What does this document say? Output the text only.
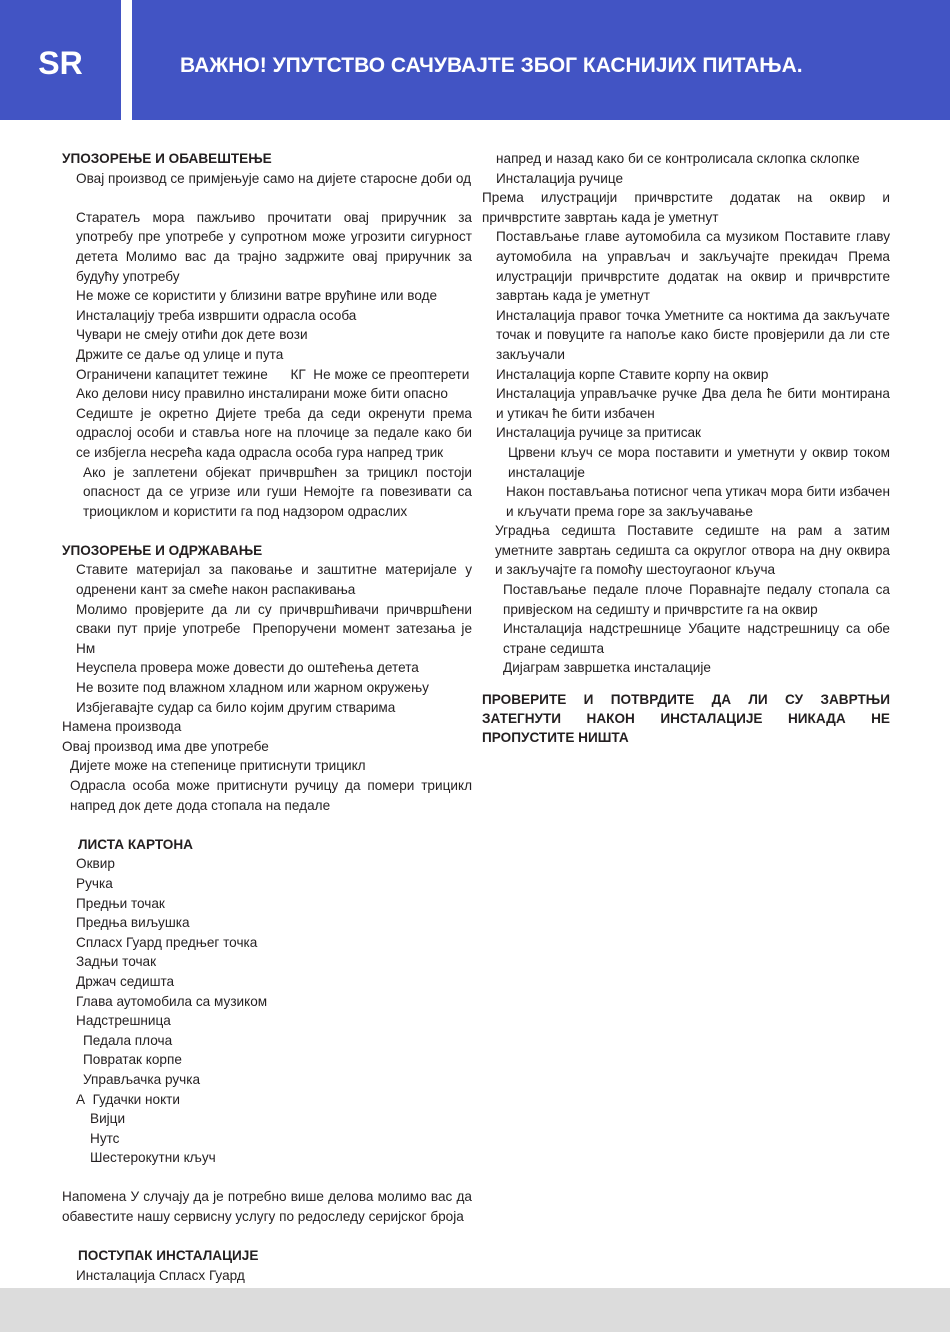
SR	ВАЖНО! УПУТСТВО САЧУВАЈТЕ ЗБОГ КАСНИЈИХ ПИТАЊА.

УПОЗОРЕЊЕ И ОБАВЕШТЕЊЕ

Овај производ се примјењује само на дијете старосне доби од

Старатељ мора пажљиво прочитати овај приручник за употребу пре употребе у супротном може угрозити сигурност детета Молимо вас да трајно задржите овај приручник за будућу употребу

Не може се користити у близини ватре врућине или воде

Инсталацију треба извршити одрасла особа

Чувари не смеју отићи док дете вози

Држите се даље од улице и пута

Ограничени капацитет тежине      КГ  Не може се преоптерети

Ако делови нису правилно инсталирани може бити опасно

Седиште је окретно Дијете треба да седи окренути према одраслој особи и ставља ноге на плочице за педале како би се избјегла несрећа када одрасла особа гура напред трик

Ако је заплетени објекат причвршћен за трицикл постоји опасност да се угризе или гуши Немојте га повезивати са триоциклом и користити га под надзором одраслих

УПОЗОРЕЊЕ И ОДРЖАВАЊЕ

Ставите материјал за паковање и заштитне материјале у одренени кант за смеће након распакивања

Молимо провјерите да ли су причвршћивачи причвршћени сваки пут прије употребе  Препоручени момент затезања је           Нм

Неуспела провера може довести до оштећења детета

Не возите под влажном хладном или жарном окружењу

Избјегавајте судар са било којим другим стварима

Намена производа

Овај производ има две употребе

Дијете може на степенице притиснути трицикл

Одрасла особа може притиснути ручицу да помери трицикл напред док дете дода стопала на педале

ЛИСТА КАРТОНА

Оквир

Ручка

Предњи точак

Предња виљушка

Сплаcх Гуард предњег точка

Задњи точак

Држач седишта

Глава аутомобила са музиком

Надстрешница

Педала плоча

Повратак корпе

Управљачка ручка

А  Гудачки нокти

Вијци

Нутс

Шестерокутни кључ

Напомена У случају да је потребно више делова молимо вас да обавестите нашу сервисну услугу по редоследу серијског броја

ПОСТУПАК ИНСТАЛАЦИЈЕ

Инсталација Сплаcх Гуард

напред и назад како би се контролисала склопка склопке

Инсталација ручице

Према илустрацији причврстите додатак на оквир и причврстите завртањ када је уметнут

Постављање главе аутомобила са музиком Поставите главу аутомобила на управљач и закључајте прекидач Према илустрацији причврстите додатак на оквир и причврстите завртањ када је уметнут

Инсталација правог точка Уметните са ноктима да закључате точак и повуците га напоље како бисте провјерили да ли сте закључали

Инсталација корпе Ставите корпу на оквир

Инсталација управљачке ручке Два дела ће бити монтирана и утикач ће бити избачен

Инсталација ручице за притисак

Црвени кључ се мора поставити и уметнути у оквир током инсталације

Након постављања потисног чепа утикач мора бити избачен и кључати према горе за закључавање

Уградња седишта Поставите седиште на рам а затим уметните завртањ седишта са округлог отвора на дну оквира и закључајте га помоћу шестоугаоног кључа

Постављање педале плоче Поравнајте педалу стопала са привјеском на седишту и причврстите га на оквир

Инсталација надстрешнице Убаците надстрешницу са обе стране седишта

Дијаграм завршетка инсталације

ПРОВЕРИТЕ И ПОТВРДИТЕ ДА ЛИ СУ ЗАВРТЊИ ЗАТЕГНУТИ НАКОН ИНСТАЛАЦИЈЕ НИКАДА НЕ ПРОПУСТИТЕ НИШТА
